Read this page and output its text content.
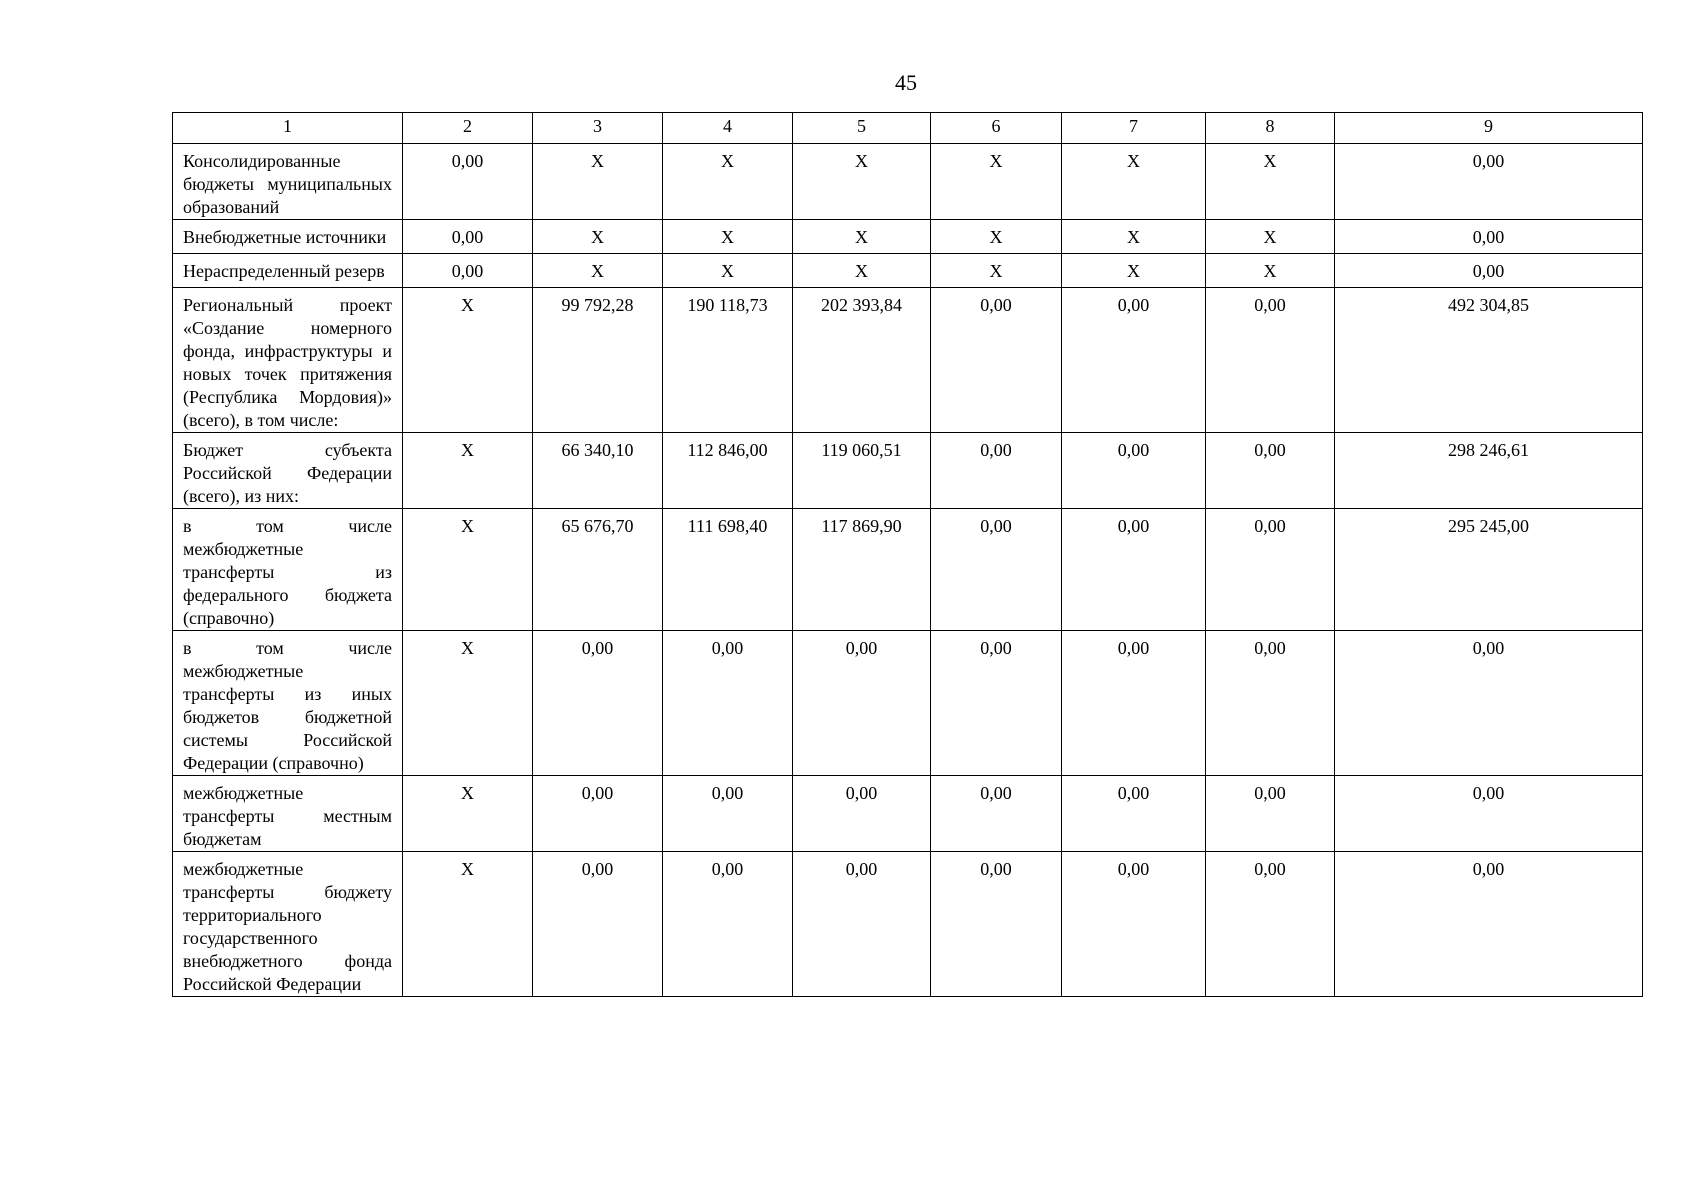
45
1	2	3	4	5	6	7	8	9
Консолидированные бюджеты муниципальных образований	0,00	X	X	X	X	X	X	0,00
Внебюджетные источники	0,00	X	X	X	X	X	X	0,00
Нераспределенный резерв	0,00	X	X	X	X	X	X	0,00
Региональный проект «Создание номерного фонда, инфраструктуры и новых точек притяжения (Республика Мордовия)» (всего), в том числе:	X	99 792,28	190 118,73	202 393,84	0,00	0,00	0,00	492 304,85
Бюджет субъекта Российской Федерации (всего), из них:	X	66 340,10	112 846,00	119 060,51	0,00	0,00	0,00	298 246,61
в том числе межбюджетные трансферты из федерального бюджета (справочно)	X	65 676,70	111 698,40	117 869,90	0,00	0,00	0,00	295 245,00
в том числе межбюджетные трансферты из иных бюджетов бюджетной системы Российской Федерации (справочно)	X	0,00	0,00	0,00	0,00	0,00	0,00	0,00
межбюджетные трансферты местным бюджетам	X	0,00	0,00	0,00	0,00	0,00	0,00	0,00
межбюджетные трансферты бюджету территориального государственного внебюджетного фонда Российской Федерации	X	0,00	0,00	0,00	0,00	0,00	0,00	0,00
